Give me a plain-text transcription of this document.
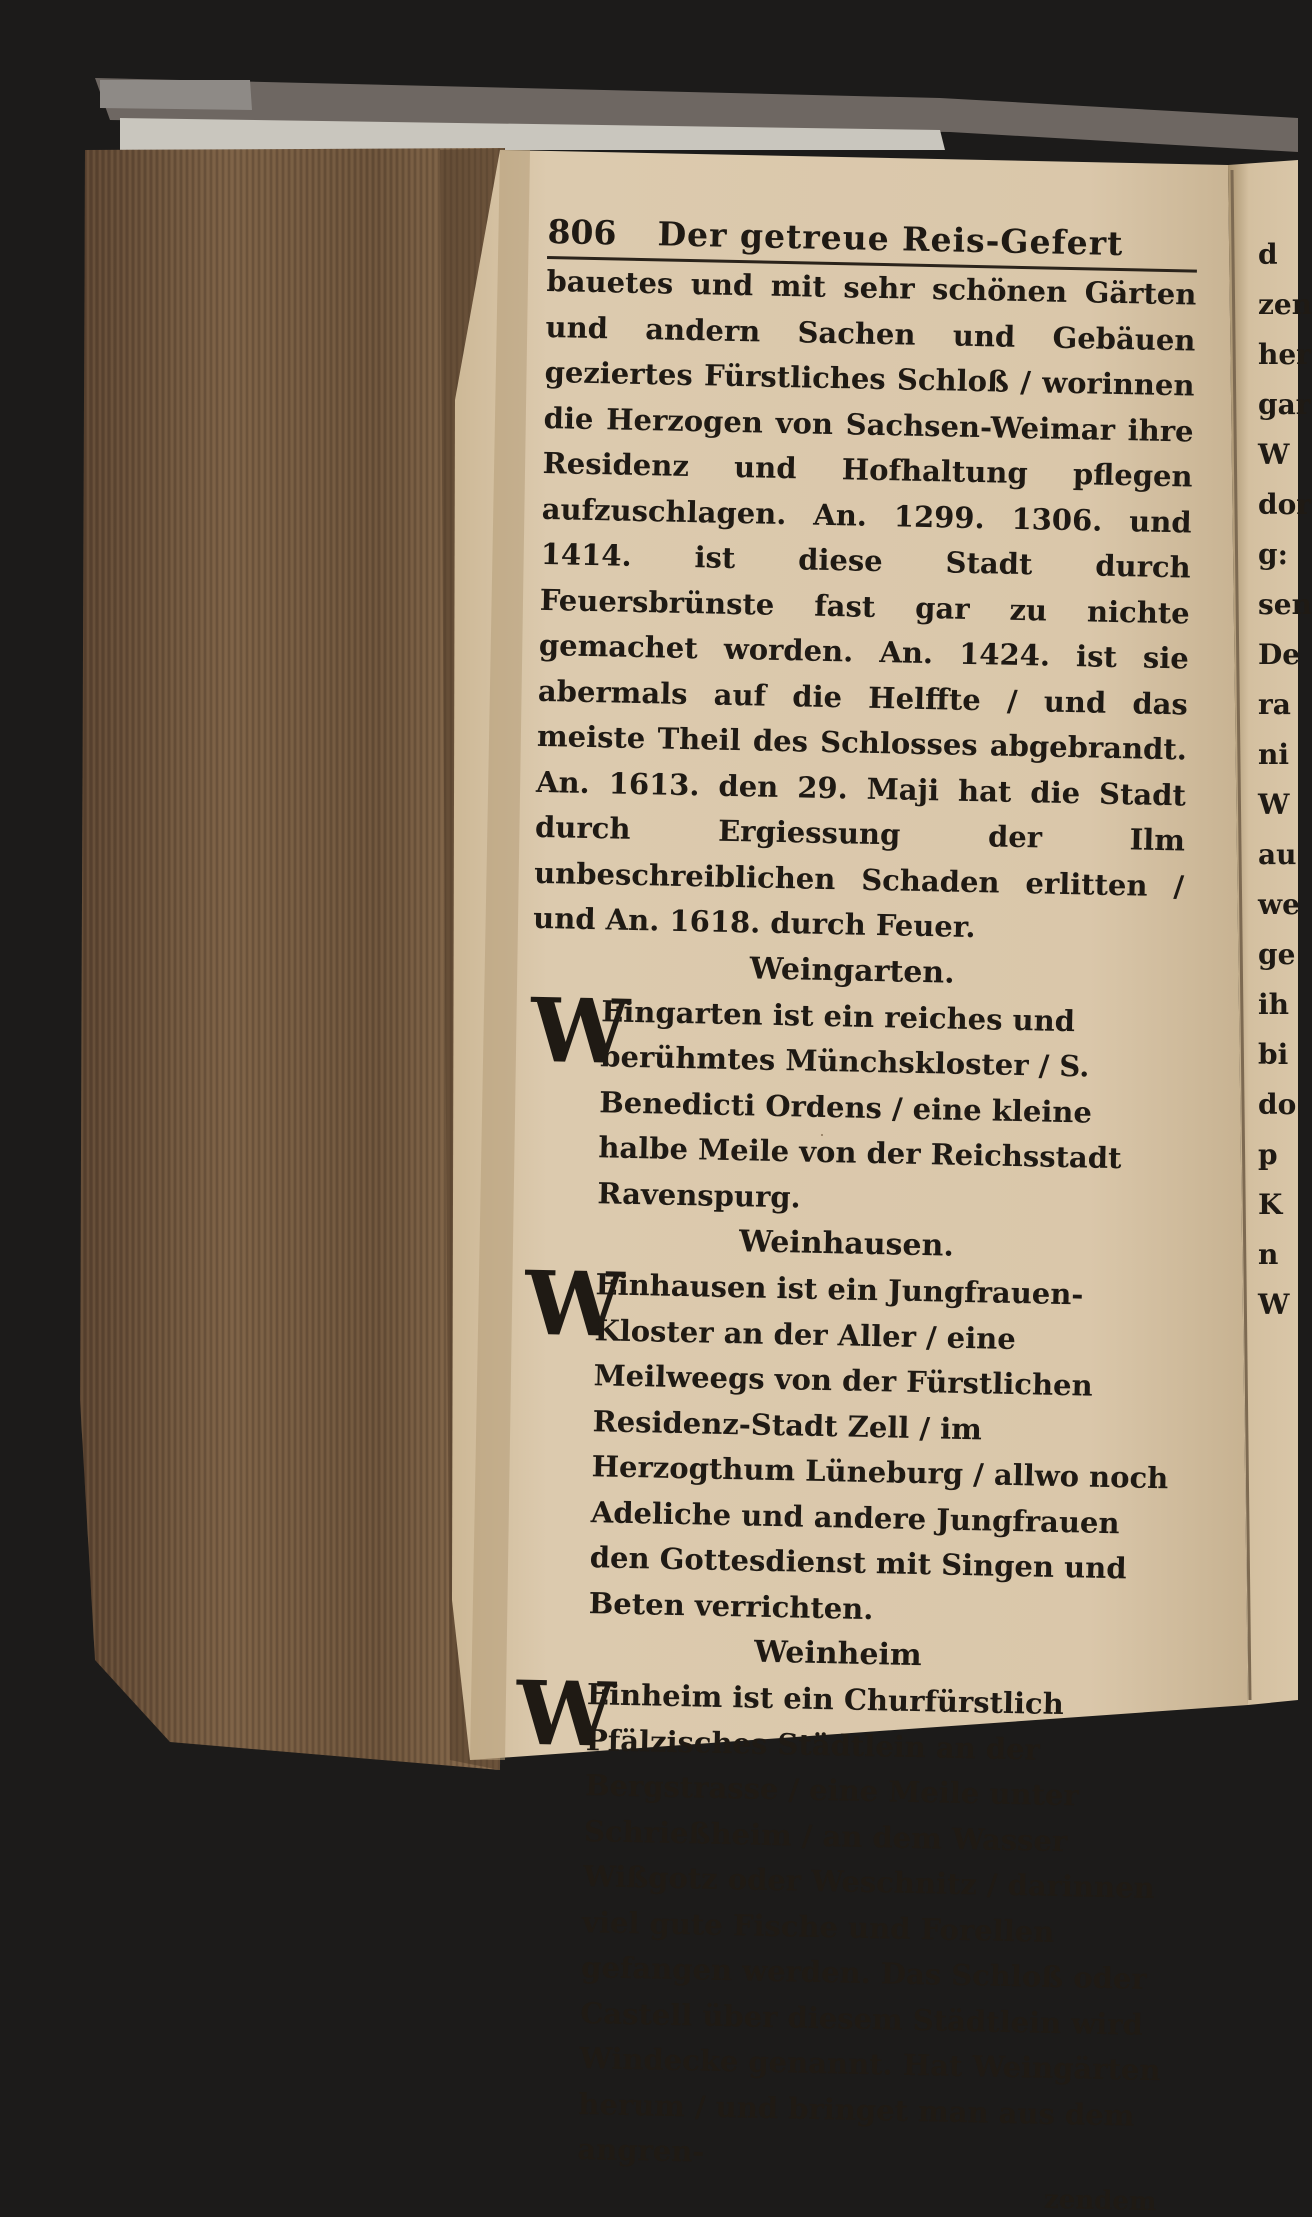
806	Der getreue Reis-Gefert

bauetes und mit sehr schönen Gärten und andern Sachen und Gebäuen geziertes Fürstliches Schloß / worinnen die Herzogen von Sachsen-Weimar ihre Residenz und Hofhaltung pflegen aufzuschlagen. An. 1299. 1306. und 1414. ist diese Stadt durch Feuersbrünste fast gar zu nichte gemachet worden. An. 1424. ist sie abermals auf die Helffte / und das meiste Theil des Schlosses abgebrandt. An. 1613. den 29. Maji hat die Stadt durch Ergiessung der Ilm unbeschreiblichen Schaden erlitten / und An. 1618. durch Feuer.

Weingarten.

W

Eingarten ist ein reiches und berühmtes Münchskloster / S. Benedicti Ordens / eine kleine halbe Meile von der Reichsstadt Ravenspurg.

Weinhausen.

W

Einhausen ist ein Jungfrauen-Kloster an der Aller / eine Meilweegs von der Fürstlichen Residenz-Stadt Zell / im Herzogthum Lüneburg / allwo noch Adeliche und andere Jungfrauen den Gottesdienst mit Singen und Beten verrichten.

Weinheim

W

Einheim ist ein Churfürstlich Pfälzisches Städtlein an der Bergstrasse / eine Meile unter Schrießheim / an dem Wasser Wißgotz oder Weschnitz / darinnen viel gute Fische und Forellen gefangen werden. Das Schloß oder Castell über diesem Städtlein wird Windecke genannt. Hat Weingärten herum / und bringet man aus dem angren-

zendem
d
zen
her
gar
W
dor
g:
sen
De
ra
ni
W
au
we
ge
ih
bi
do
p
K
n
W
